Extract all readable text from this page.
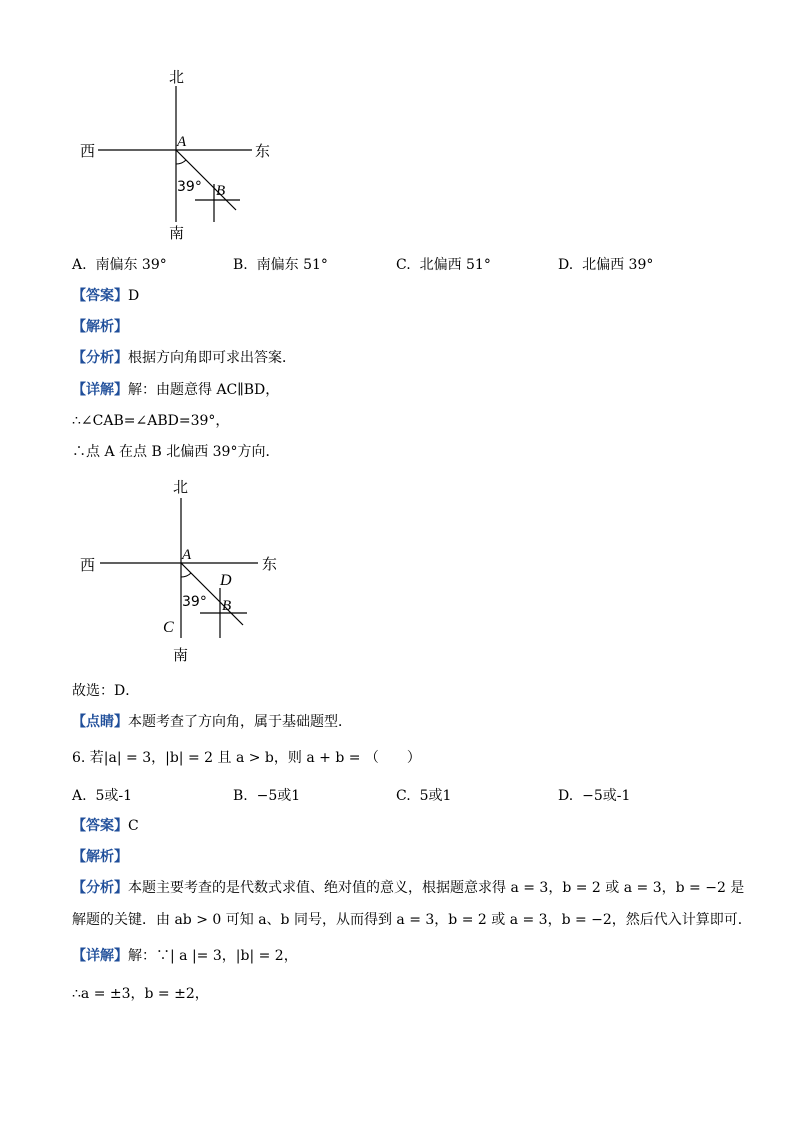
北
南
西	东
A
B
39°
A. 南偏东 39°	B. 南偏东 51°	C. 北偏西 51°	D. 北偏西 39°
【答案】D
【解析】
【分析】根据方向角即可求出答案．
【详解】解：由题意得 AC∥BD，
∴∠CAB=∠ABD=39°，
∴点 A 在点 B 北偏西 39°方向．
北
南
西	东
A
B
C
D
39°
故选：D．
【点睛】本题考查了方向角，属于基础题型．
6. 若|a| = 3，|b| = 2 且 a > b，则 a + b = （　　）
A. 5或-1	B. −5或1	C. 5或1	D. −5或-1
【答案】C
【解析】
【分析】本题主要考查的是代数式求值、绝对值的意义，根据题意求得 a = 3，b = 2 或 a = 3，b = −2 是
解题的关键．由 ab > 0 可知 a、b 同号，从而得到 a = 3，b = 2 或 a = 3，b = −2，然后代入计算即可．
【详解】解：∵| a |= 3，|b| = 2，
∴a = ±3，b = ±2，
